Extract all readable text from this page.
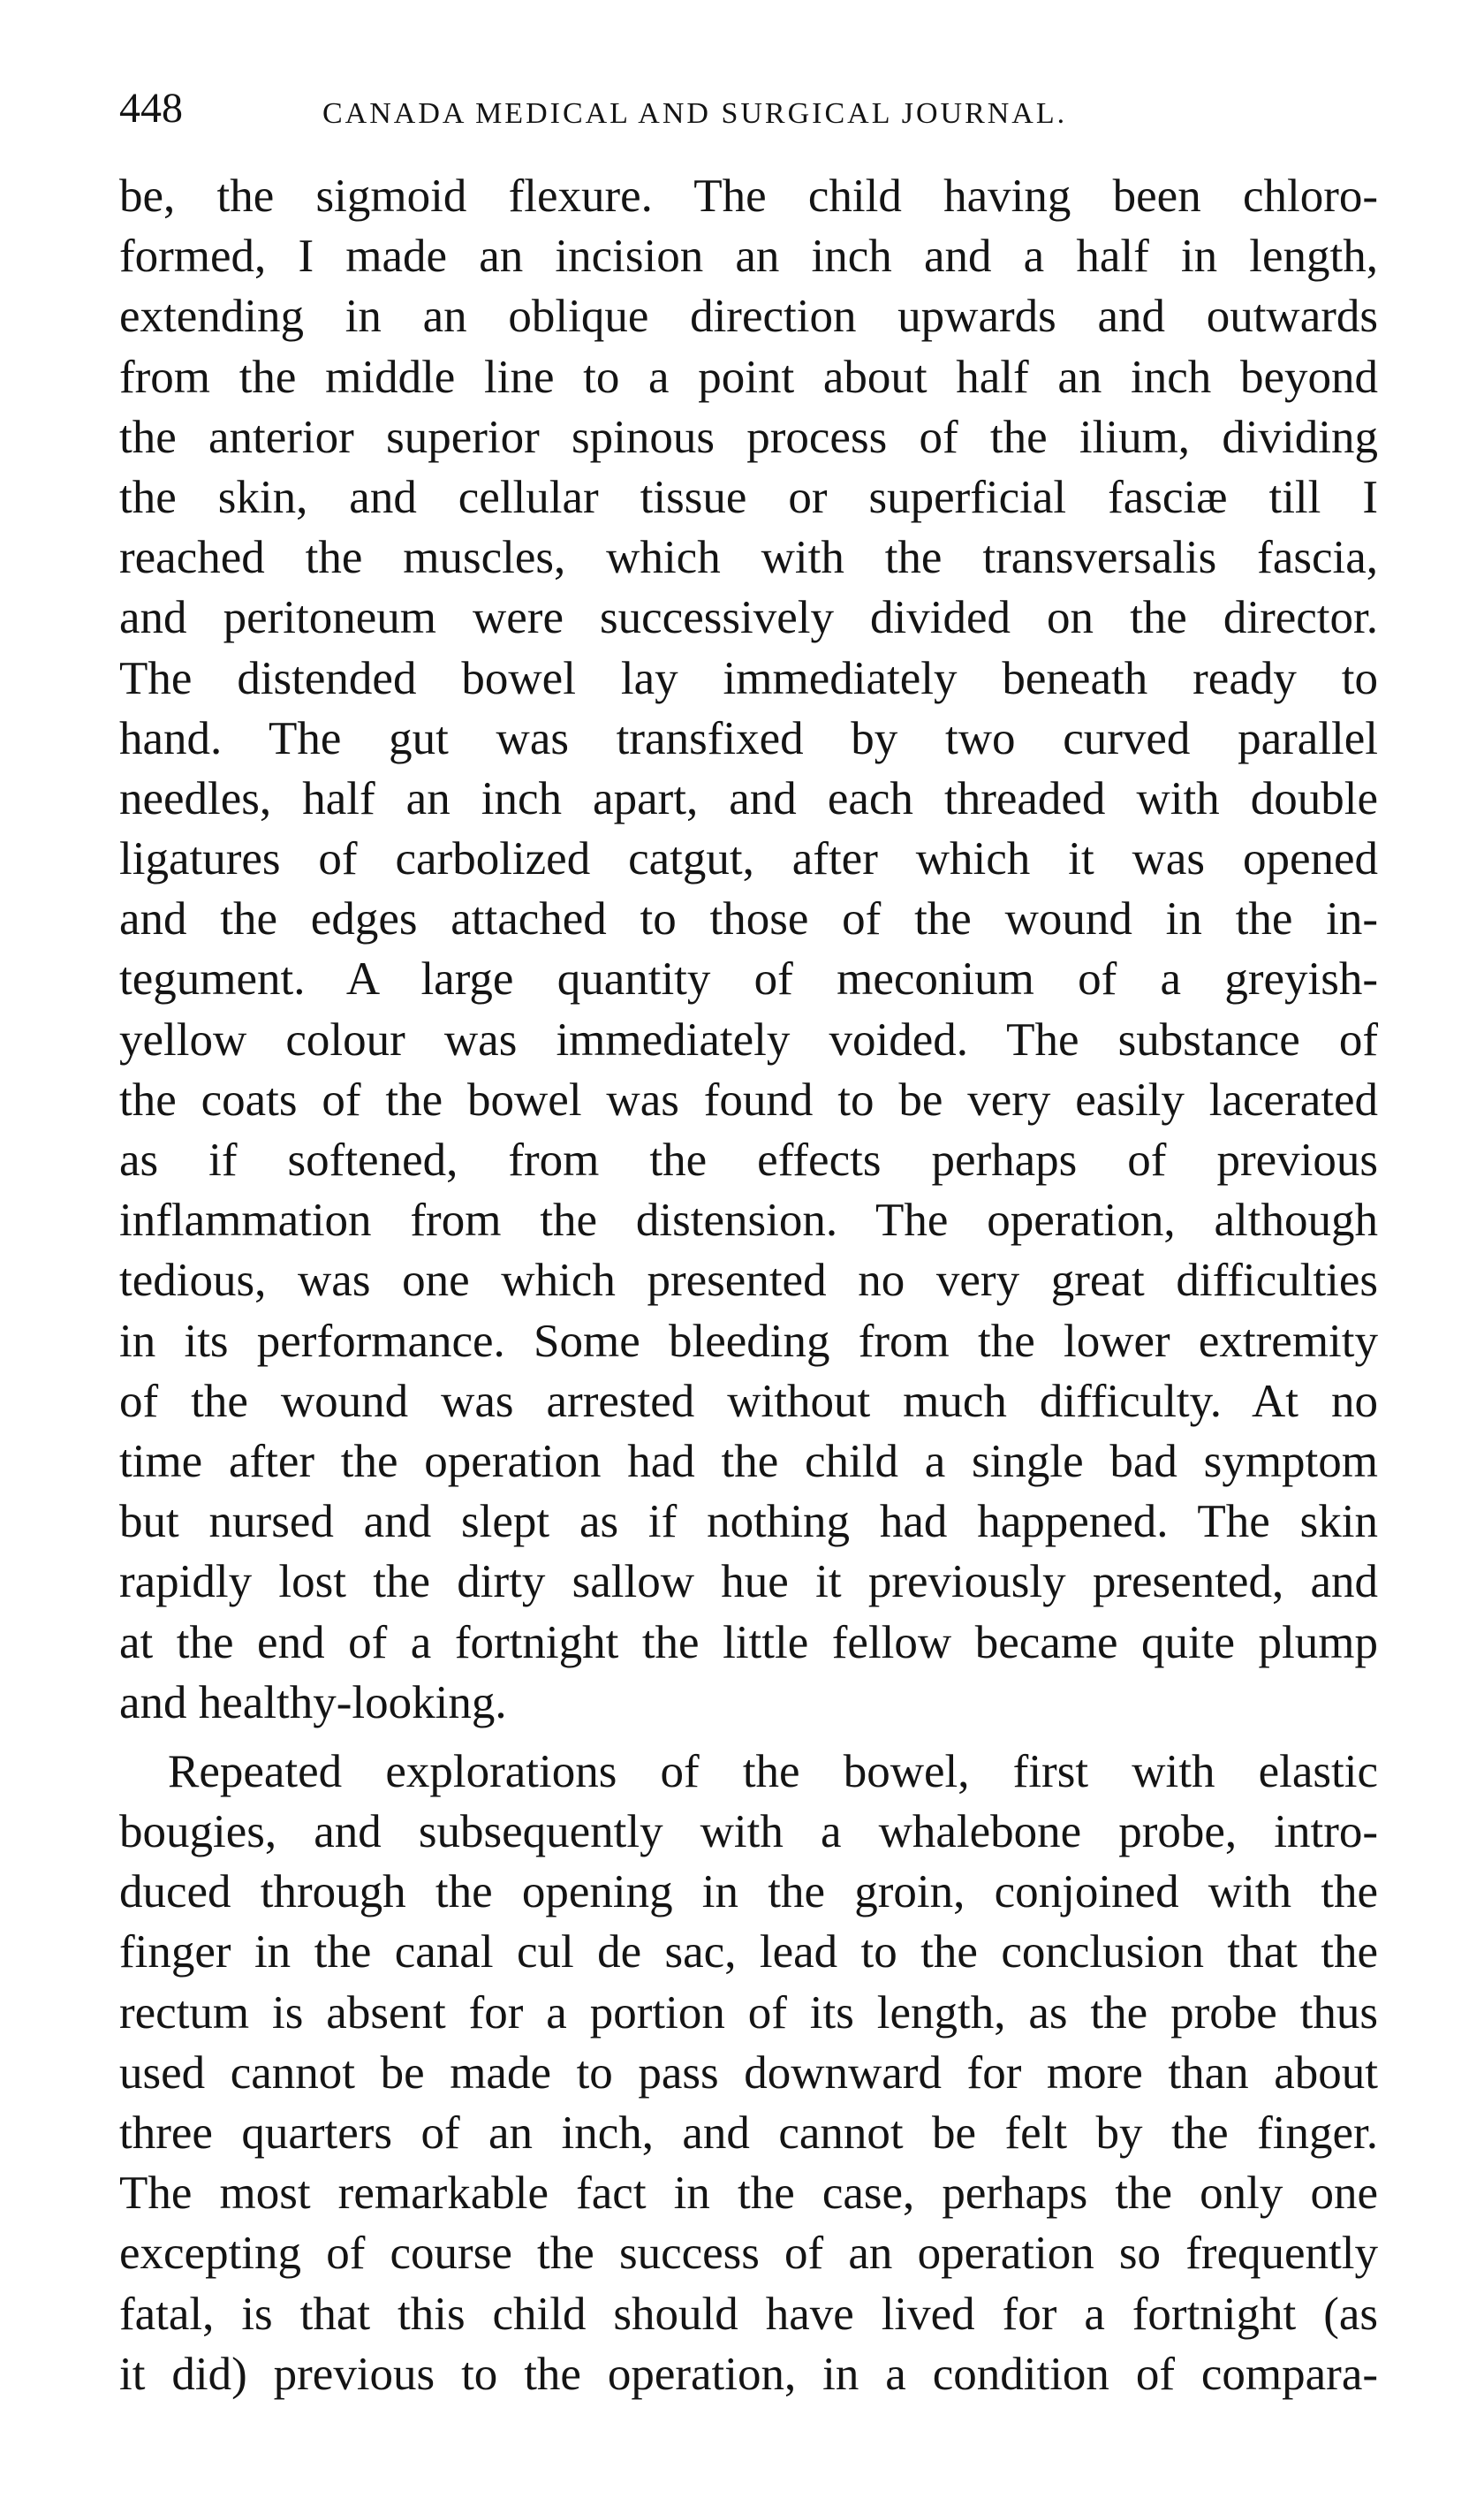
448	CANADA MEDICAL AND SURGICAL JOURNAL.
be, the sigmoid flexure. The child having been chloro-
formed, I made an incision an inch and a half in length,
extending in an oblique direction upwards and outwards
from the middle line to a point about half an inch beyond
the anterior superior spinous process of the ilium, dividing
the skin, and cellular tissue or superficial fasciæ till I
reached the muscles, which with the transversalis fascia,
and peritoneum were successively divided on the director.
The distended bowel lay immediately beneath ready to
hand. The gut was transfixed by two curved parallel
needles, half an inch apart, and each threaded with double
ligatures of carbolized catgut, after which it was opened
and the edges attached to those of the wound in the in-
tegument. A large quantity of meconium of a greyish-
yellow colour was immediately voided. The substance of
the coats of the bowel was found to be very easily lacerated
as if softened, from the effects perhaps of previous
inflammation from the distension. The operation, although
tedious, was one which presented no very great difficulties
in its performance. Some bleeding from the lower extremity
of the wound was arrested without much difficulty. At no
time after the operation had the child a single bad symptom
but nursed and slept as if nothing had happened. The skin
rapidly lost the dirty sallow hue it previously presented, and
at the end of a fortnight the little fellow became quite plump
and healthy-looking.
Repeated explorations of the bowel, first with elastic
bougies, and subsequently with a whalebone probe, intro-
duced through the opening in the groin, conjoined with the
finger in the canal cul de sac, lead to the conclusion that the
rectum is absent for a portion of its length, as the probe thus
used cannot be made to pass downward for more than about
three quarters of an inch, and cannot be felt by the finger.
The most remarkable fact in the case, perhaps the only one
excepting of course the success of an operation so frequently
fatal, is that this child should have lived for a fortnight (as
it did) previous to the operation, in a condition of compara-
